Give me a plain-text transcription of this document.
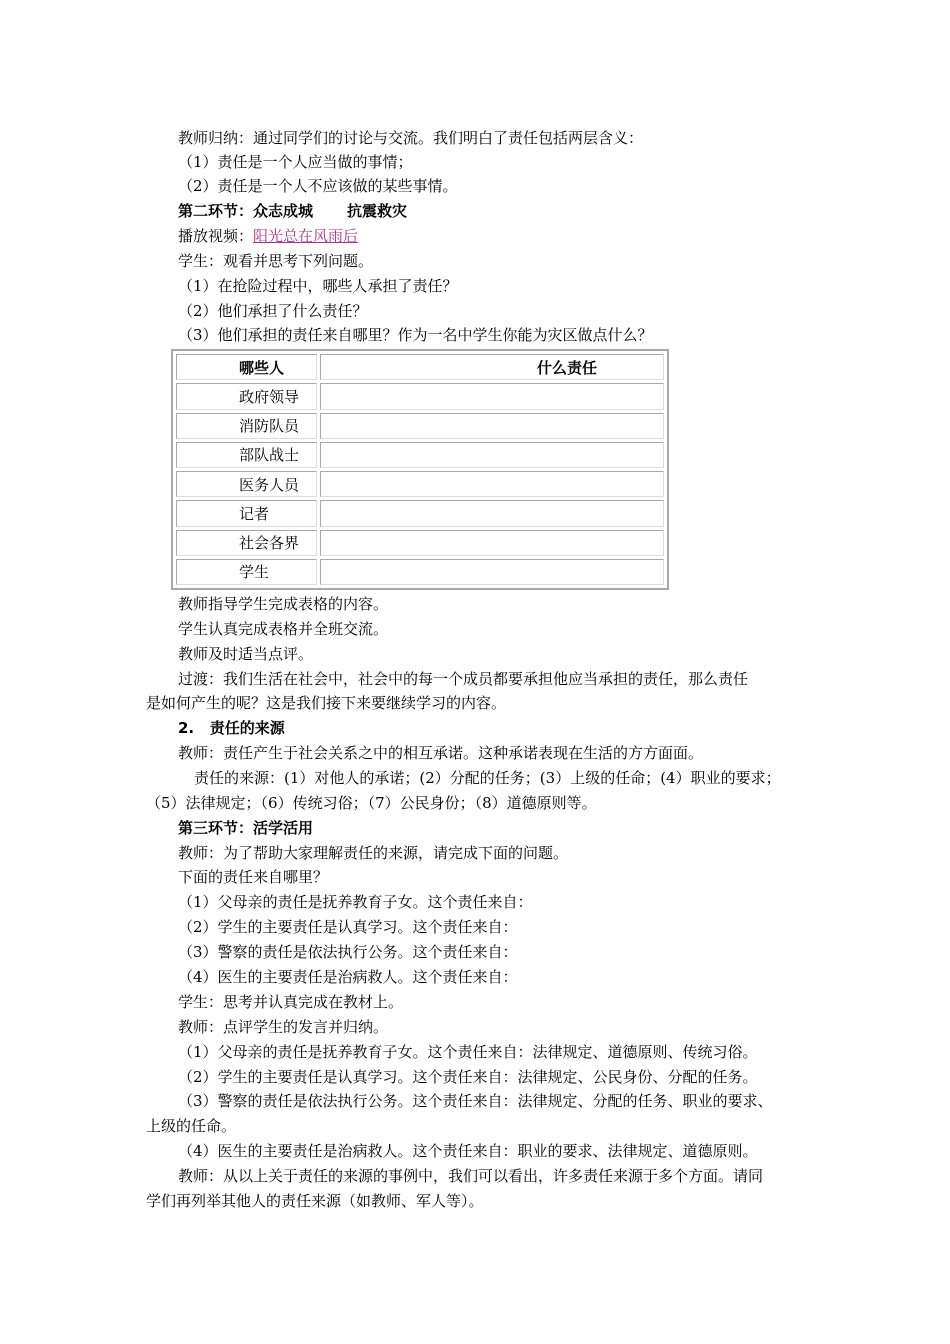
教师归纳：通过同学们的讨论与交流。我们明白了责任包括两层含义：
（1）责任是一个人应当做的事情；
（2）责任是一个人不应该做的某些事情。
第二环节：众志成城 抗震救灾
播放视频：阳光总在风雨后
学生：观看并思考下列问题。
（1）在抢险过程中，哪些人承担了责任？
（2）他们承担了什么责任？
（3）他们承担的责任来自哪里？作为一名中学生你能为灾区做点什么？
哪些人	什么责任
政府领导	
消防队员	
部队战士	
医务人员	
记者	
社会各界	
学生	
教师指导学生完成表格的内容。
学生认真完成表格并全班交流。
教师及时适当点评。
过渡：我们生活在社会中，社会中的每一个成员都要承担他应当承担的责任，那么责任
是如何产生的呢？这是我们接下来要继续学习的内容。
2.   责任的来源
教师：责任产生于社会关系之中的相互承诺。这种承诺表现在生活的方方面面。
责任的来源：(1）对他人的承诺；(2）分配的任务；(3）上级的任命；(4）职业的要求；
（5）法律规定；（6）传统习俗；（7）公民身份；（8）道德原则等。
第三环节：活学活用
教师：为了帮助大家理解责任的来源，请完成下面的问题。
下面的责任来自哪里？
（1）父母亲的责任是抚养教育子女。这个责任来自：
（2）学生的主要责任是认真学习。这个责任来自：
（3）警察的责任是依法执行公务。这个责任来自：
（4）医生的主要责任是治病救人。这个责任来自：
学生：思考并认真完成在教材上。
教师：点评学生的发言并归纳。
（1）父母亲的责任是抚养教育子女。这个责任来自：法律规定、道德原则、传统习俗。
（2）学生的主要责任是认真学习。这个责任来自：法律规定、公民身份、分配的任务。
（3）警察的责任是依法执行公务。这个责任来自：法律规定、分配的任务、职业的要求、
上级的任命。
（4）医生的主要责任是治病救人。这个责任来自：职业的要求、法律规定、道德原则。
教师：从以上关于责任的来源的事例中，我们可以看出，许多责任来源于多个方面。请同
学们再列举其他人的责任来源（如教师、军人等）。
